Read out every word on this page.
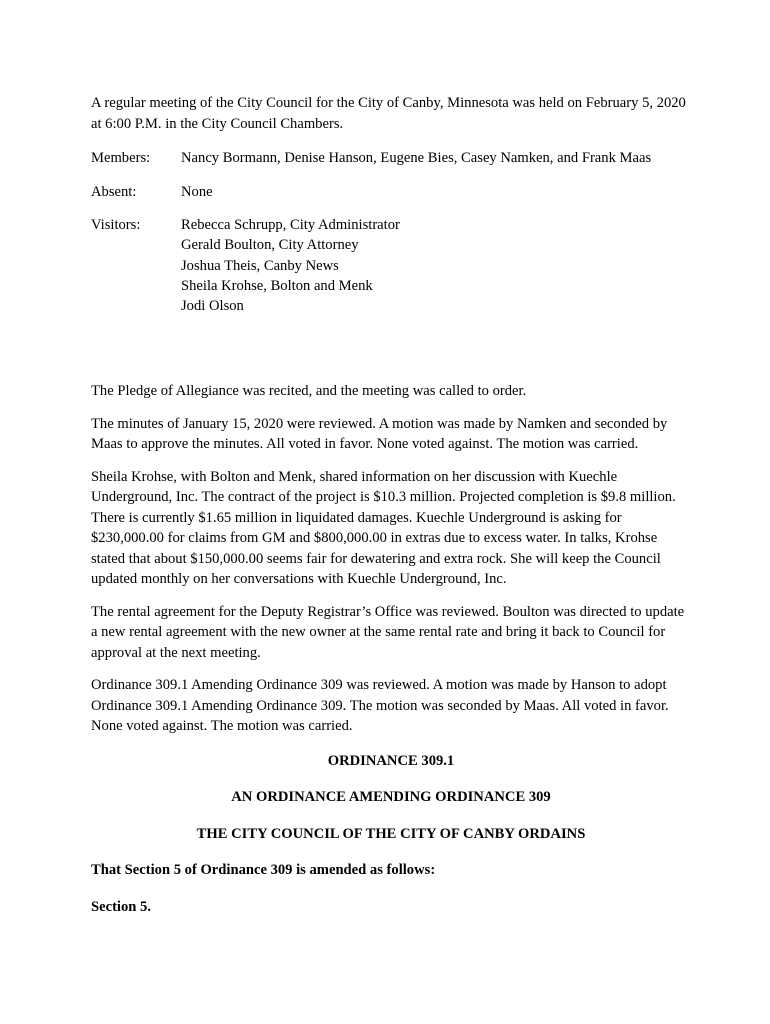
A regular meeting of the City Council for the City of Canby, Minnesota was held on February 5, 2020 at 6:00 P.M. in the City Council Chambers.

Members:	Nancy Bormann, Denise Hanson, Eugene Bies, Casey Namken, and Frank Maas
Absent:	None
Visitors:	Rebecca Schrupp, City Administrator
Gerald Boulton, City Attorney
Joshua Theis, Canby News
Sheila Krohse, Bolton and Menk
Jodi Olson

The Pledge of Allegiance was recited, and the meeting was called to order.

The minutes of January 15, 2020 were reviewed. A motion was made by Namken and seconded by Maas to approve the minutes. All voted in favor. None voted against. The motion was carried.

Sheila Krohse, with Bolton and Menk, shared information on her discussion with Kuechle Underground, Inc. The contract of the project is $10.3 million. Projected completion is $9.8 million. There is currently $1.65 million in liquidated damages. Kuechle Underground is asking for $230,000.00 for claims from GM and $800,000.00 in extras due to excess water. In talks, Krohse stated that about $150,000.00 seems fair for dewatering and extra rock. She will keep the Council updated monthly on her conversations with Kuechle Underground, Inc.

The rental agreement for the Deputy Registrar’s Office was reviewed. Boulton was directed to update a new rental agreement with the new owner at the same rental rate and bring it back to Council for approval at the next meeting.

Ordinance 309.1 Amending Ordinance 309 was reviewed. A motion was made by Hanson to adopt Ordinance 309.1 Amending Ordinance 309. The motion was seconded by Maas. All voted in favor. None voted against. The motion was carried.

ORDINANCE 309.1

AN ORDINANCE AMENDING ORDINANCE 309

THE CITY COUNCIL OF THE CITY OF CANBY ORDAINS

That Section 5 of Ordinance 309 is amended as follows:

Section 5.
